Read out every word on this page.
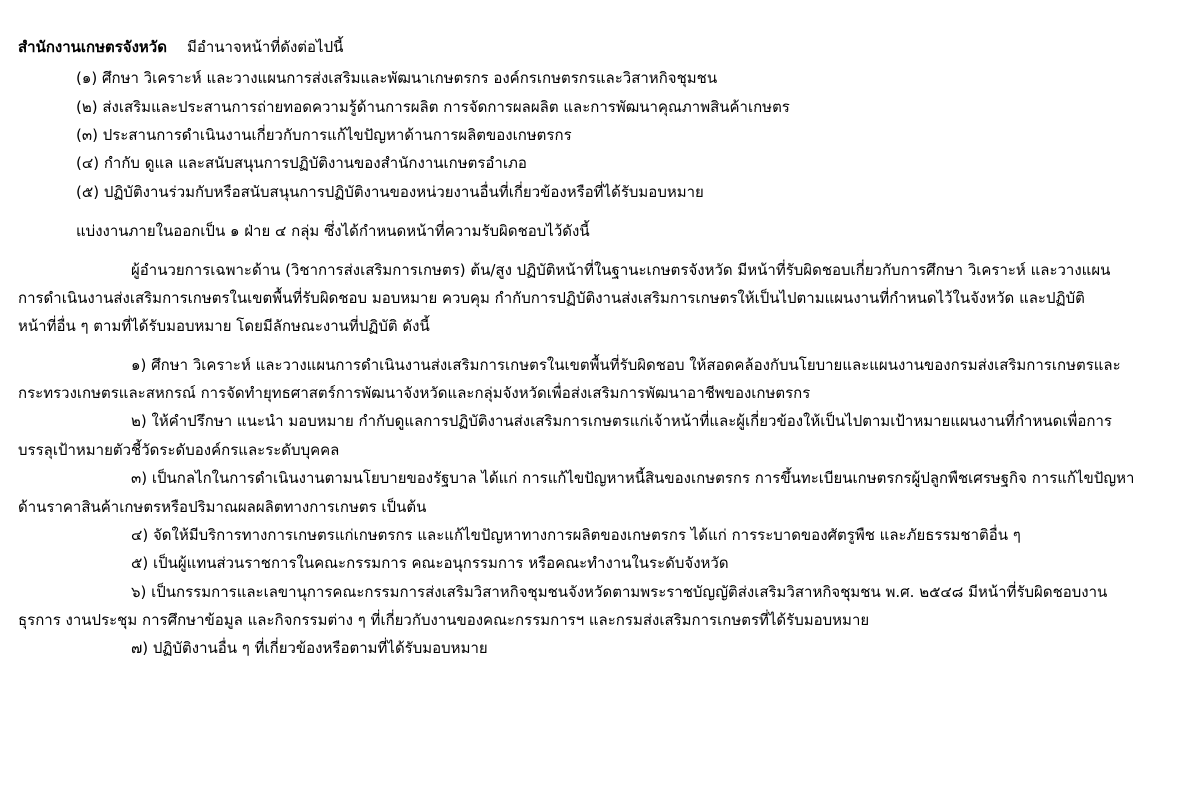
สำนักงานเกษตรจังหวัด มีอำนาจหน้าที่ดังต่อไปนี้

(๑) ศึกษา วิเคราะห์ และวางแผนการส่งเสริมและพัฒนาเกษตรกร องค์กรเกษตรกรและวิสาหกิจชุมชน

(๒) ส่งเสริมและประสานการถ่ายทอดความรู้ด้านการผลิต การจัดการผลผลิต และการพัฒนาคุณภาพสินค้าเกษตร

(๓) ประสานการดำเนินงานเกี่ยวกับการแก้ไขปัญหาด้านการผลิตของเกษตรกร

(๔) กำกับ ดูแล และสนับสนุนการปฏิบัติงานของสำนักงานเกษตรอำเภอ

(๕) ปฏิบัติงานร่วมกับหรือสนับสนุนการปฏิบัติงานของหน่วยงานอื่นที่เกี่ยวข้องหรือที่ได้รับมอบหมาย

แบ่งงานภายในออกเป็น ๑ ฝ่าย ๔ กลุ่ม ซึ่งได้กำหนดหน้าที่ความรับผิดชอบไว้ดังนี้

ผู้อำนวยการเฉพาะด้าน (วิชาการส่งเสริมการเกษตร) ต้น/สูง ปฏิบัติหน้าที่ในฐานะเกษตรจังหวัด มีหน้าที่รับผิดชอบเกี่ยวกับการศึกษา วิเคราะห์ และวางแผน

การดำเนินงานส่งเสริมการเกษตรในเขตพื้นที่รับผิดชอบ มอบหมาย ควบคุม กำกับการปฏิบัติงานส่งเสริมการเกษตรให้เป็นไปตามแผนงานที่กำหนดไว้ในจังหวัด และปฏิบัติ

หน้าที่อื่น ๆ ตามที่ได้รับมอบหมาย โดยมีลักษณะงานที่ปฏิบัติ ดังนี้

๑) ศึกษา วิเคราะห์ และวางแผนการดำเนินงานส่งเสริมการเกษตรในเขตพื้นที่รับผิดชอบ ให้สอดคล้องกับนโยบายและแผนงานของกรมส่งเสริมการเกษตรและ

กระทรวงเกษตรและสหกรณ์ การจัดทำยุทธศาสตร์การพัฒนาจังหวัดและกลุ่มจังหวัดเพื่อส่งเสริมการพัฒนาอาชีพของเกษตรกร

๒) ให้คำปรึกษา แนะนำ มอบหมาย กำกับดูแลการปฏิบัติงานส่งเสริมการเกษตรแก่เจ้าหน้าที่และผู้เกี่ยวข้องให้เป็นไปตามเป้าหมายแผนงานที่กำหนดเพื่อการ

บรรลุเป้าหมายตัวชี้วัดระดับองค์กรและระดับบุคคล

๓) เป็นกลไกในการดำเนินงานตามนโยบายของรัฐบาล ได้แก่ การแก้ไขปัญหาหนี้สินของเกษตรกร การขึ้นทะเบียนเกษตรกรผู้ปลูกพืชเศรษฐกิจ การแก้ไขปัญหา

ด้านราคาสินค้าเกษตรหรือปริมาณผลผลิตทางการเกษตร เป็นต้น

๔) จัดให้มีบริการทางการเกษตรแก่เกษตรกร และแก้ไขปัญหาทางการผลิตของเกษตรกร ได้แก่ การระบาดของศัตรูพืช และภัยธรรมชาติอื่น ๆ

๕) เป็นผู้แทนส่วนราชการในคณะกรรมการ คณะอนุกรรมการ หรือคณะทำงานในระดับจังหวัด

๖) เป็นกรรมการและเลขานุการคณะกรรมการส่งเสริมวิสาหกิจชุมชนจังหวัดตามพระราชบัญญัติส่งเสริมวิสาหกิจชุมชน พ.ศ. ๒๕๔๘ มีหน้าที่รับผิดชอบงาน

ธุรการ งานประชุม การศึกษาข้อมูล และกิจกรรมต่าง ๆ ที่เกี่ยวกับงานของคณะกรรมการฯ และกรมส่งเสริมการเกษตรที่ได้รับมอบหมาย

๗) ปฏิบัติงานอื่น ๆ ที่เกี่ยวข้องหรือตามที่ได้รับมอบหมาย
